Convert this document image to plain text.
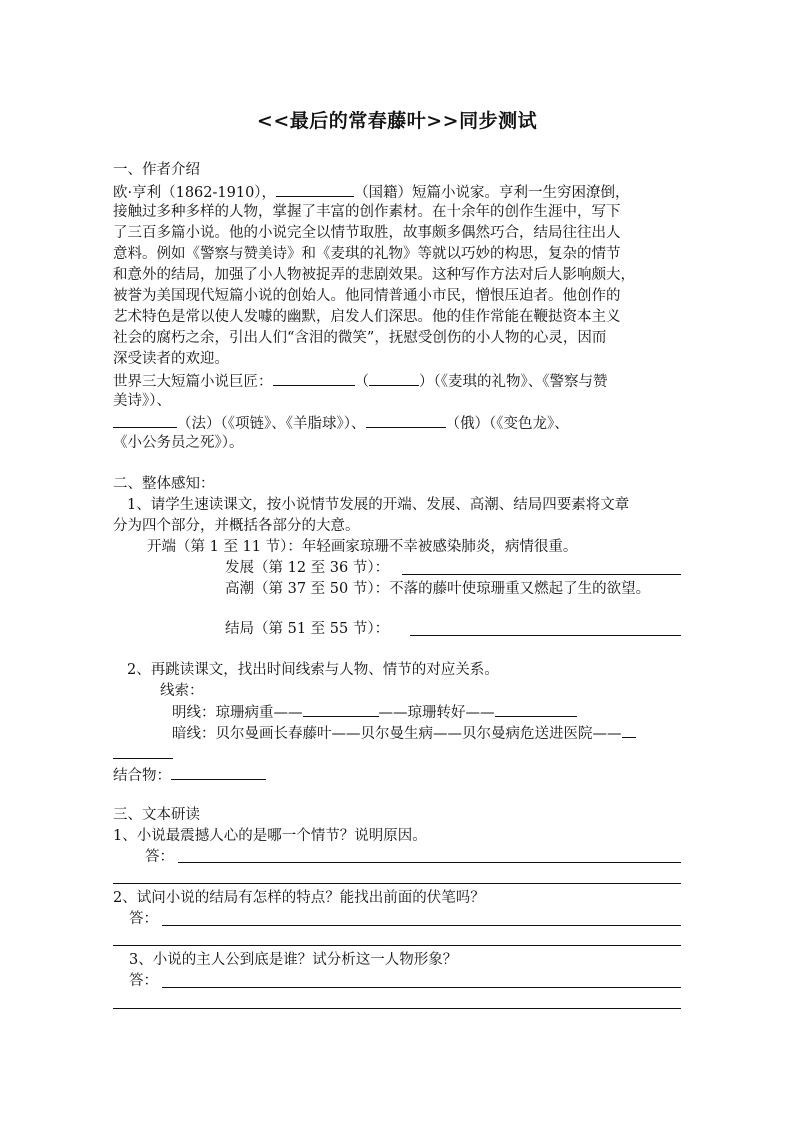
<<最后的常春藤叶>>同步测试
一、作者介绍
欧·亨利（1862-1910），	（国籍）短篇小说家。亨利一生穷困潦倒，
接触过多种多样的人物，掌握了丰富的创作素材。在十余年的创作生涯中，写下
了三百多篇小说。他的小说完全以情节取胜，故事颇多偶然巧合，结局往往出人
意料。例如《警察与赞美诗》和《麦琪的礼物》等就以巧妙的构思，复杂的情节
和意外的结局，加强了小人物被捉弄的悲剧效果。这种写作方法对后人影响颇大，
被誉为美国现代短篇小说的创始人。他同情普通小市民，憎恨压迫者。他创作的
艺术特色是常以使人发噱的幽默，启发人们深思。他的佳作常能在鞭挞资本主义
社会的腐朽之余，引出人们“含泪的微笑”，抚慰受创伤的小人物的心灵，因而
深受读者的欢迎。
世界三大短篇小说巨匠：	（	）（《麦琪的礼物》、《警察与赞
美诗》）、
（法）（《项链》、《羊脂球》）、	（俄）（《变色龙》、
《小公务员之死》）。
二、整体感知：
1、请学生速读课文，按小说情节发展的开端、发展、高潮、结局四要素将文章
分为四个部分，并概括各部分的大意。
开端（第 1 至 11 节）：年轻画家琼珊不幸被感染肺炎，病情很重。
发展（第 12 至 36 节）：
高潮（第 37 至 50 节）：不落的藤叶使琼珊重又燃起了生的欲望。
结局（第 51 至 55 节）：
2、再跳读课文，找出时间线索与人物、情节的对应关系。
线索：
明线：琼珊病重——	——琼珊转好——
暗线：贝尔曼画长春藤叶——贝尔曼生病——贝尔曼病危送进医院——
结合物：
三、文本研读
1、小说最震撼人心的是哪一个情节？说明原因。
答：
2、试问小说的结局有怎样的特点？能找出前面的伏笔吗？
答：
3、小说的主人公到底是谁？试分析这一人物形象？
答：
